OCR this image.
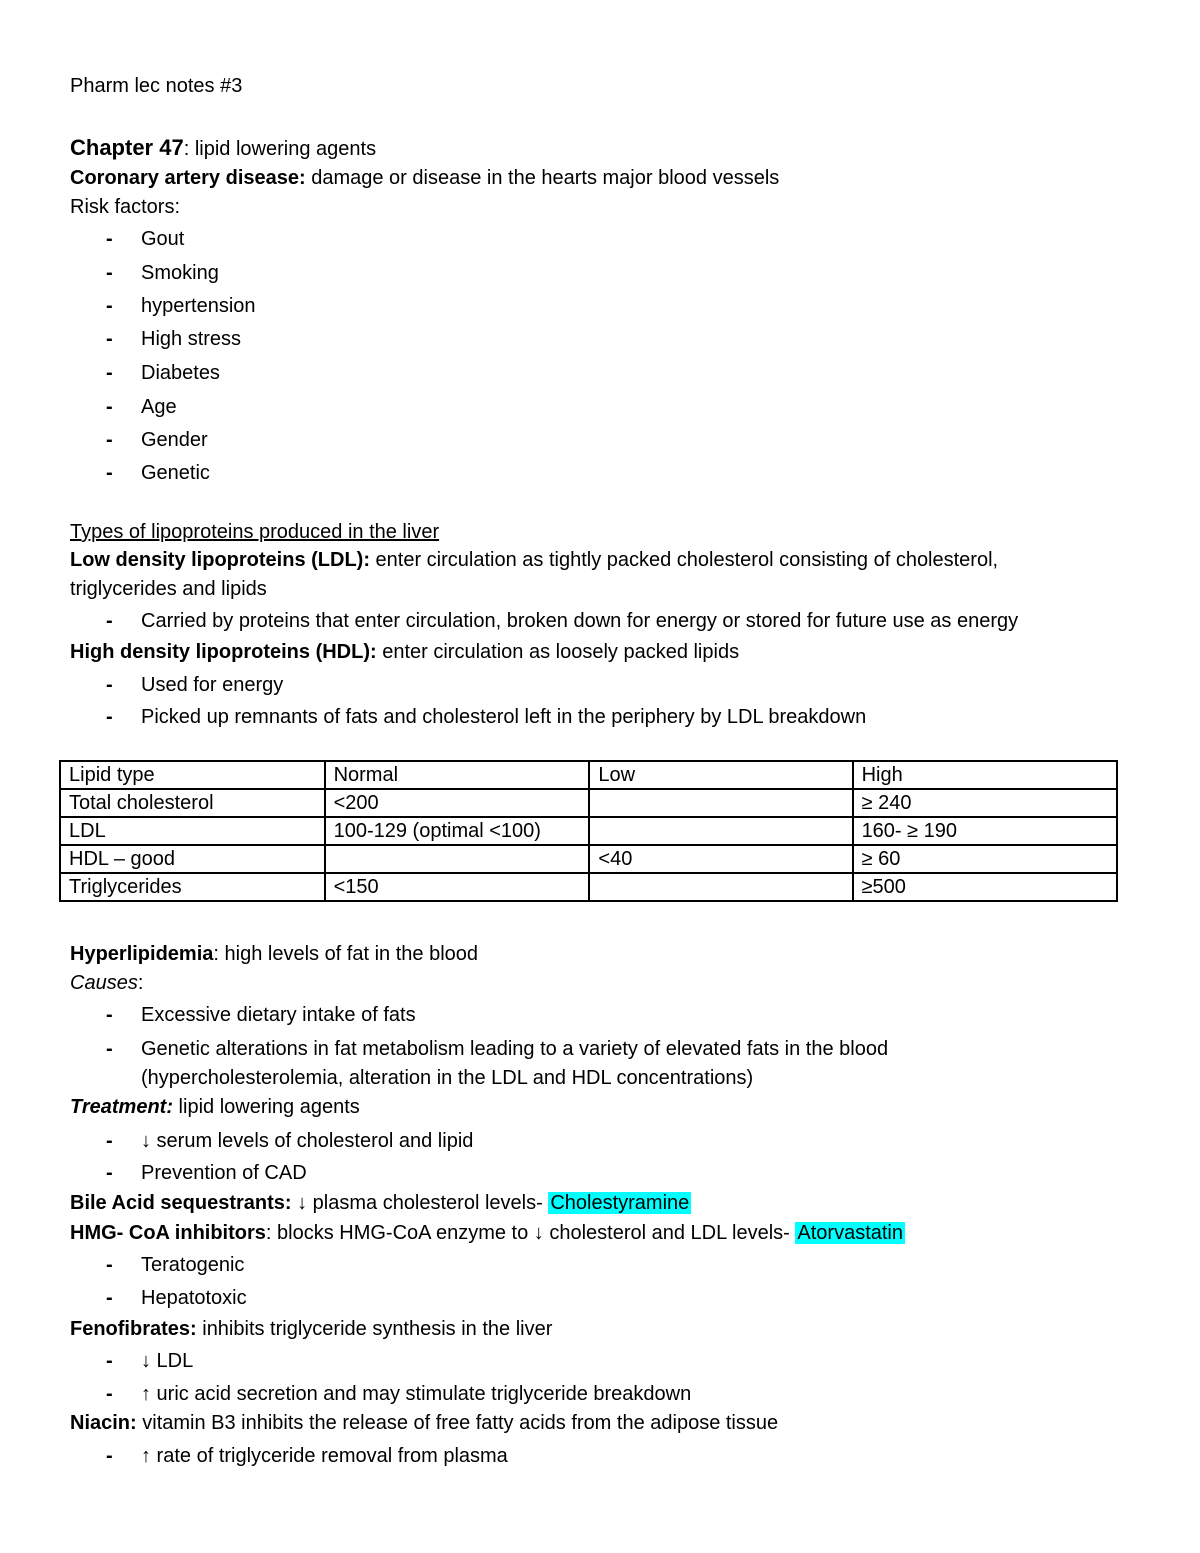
Pharm lec notes #3
Chapter 47: lipid lowering agents
Coronary artery disease: damage or disease in the hearts major blood vessels
Risk factors:
- Gout
- Smoking
- hypertension
- High stress
- Diabetes
- Age
- Gender
- Genetic
Types of lipoproteins produced in the liver
Low density lipoproteins (LDL): enter circulation as tightly packed cholesterol consisting of cholesterol,
triglycerides and lipids
- Carried by proteins that enter circulation, broken down for energy or stored for future use as energy
High density lipoproteins (HDL): enter circulation as loosely packed lipids
- Used for energy
- Picked up remnants of fats and cholesterol left in the periphery by LDL breakdown
Lipid type	Normal	Low	High
Total cholesterol	<200		≥ 240
LDL	100-129 (optimal <100)		160- ≥ 190
HDL – good		<40	≥ 60
Triglycerides	<150		≥500
Hyperlipidemia: high levels of fat in the blood
Causes:
- Excessive dietary intake of fats
- Genetic alterations in fat metabolism leading to a variety of elevated fats in the blood
(hypercholesterolemia, alteration in the LDL and HDL concentrations)
Treatment: lipid lowering agents
- ↓ serum levels of cholesterol and lipid
- Prevention of CAD
Bile Acid sequestrants: ↓ plasma cholesterol levels- Cholestyramine
HMG- CoA inhibitors: blocks HMG-CoA enzyme to ↓ cholesterol and LDL levels- Atorvastatin
- Teratogenic
- Hepatotoxic
Fenofibrates: inhibits triglyceride synthesis in the liver
- ↓ LDL
- ↑ uric acid secretion and may stimulate triglyceride breakdown
Niacin: vitamin B3 inhibits the release of free fatty acids from the adipose tissue
- ↑ rate of triglyceride removal from plasma
